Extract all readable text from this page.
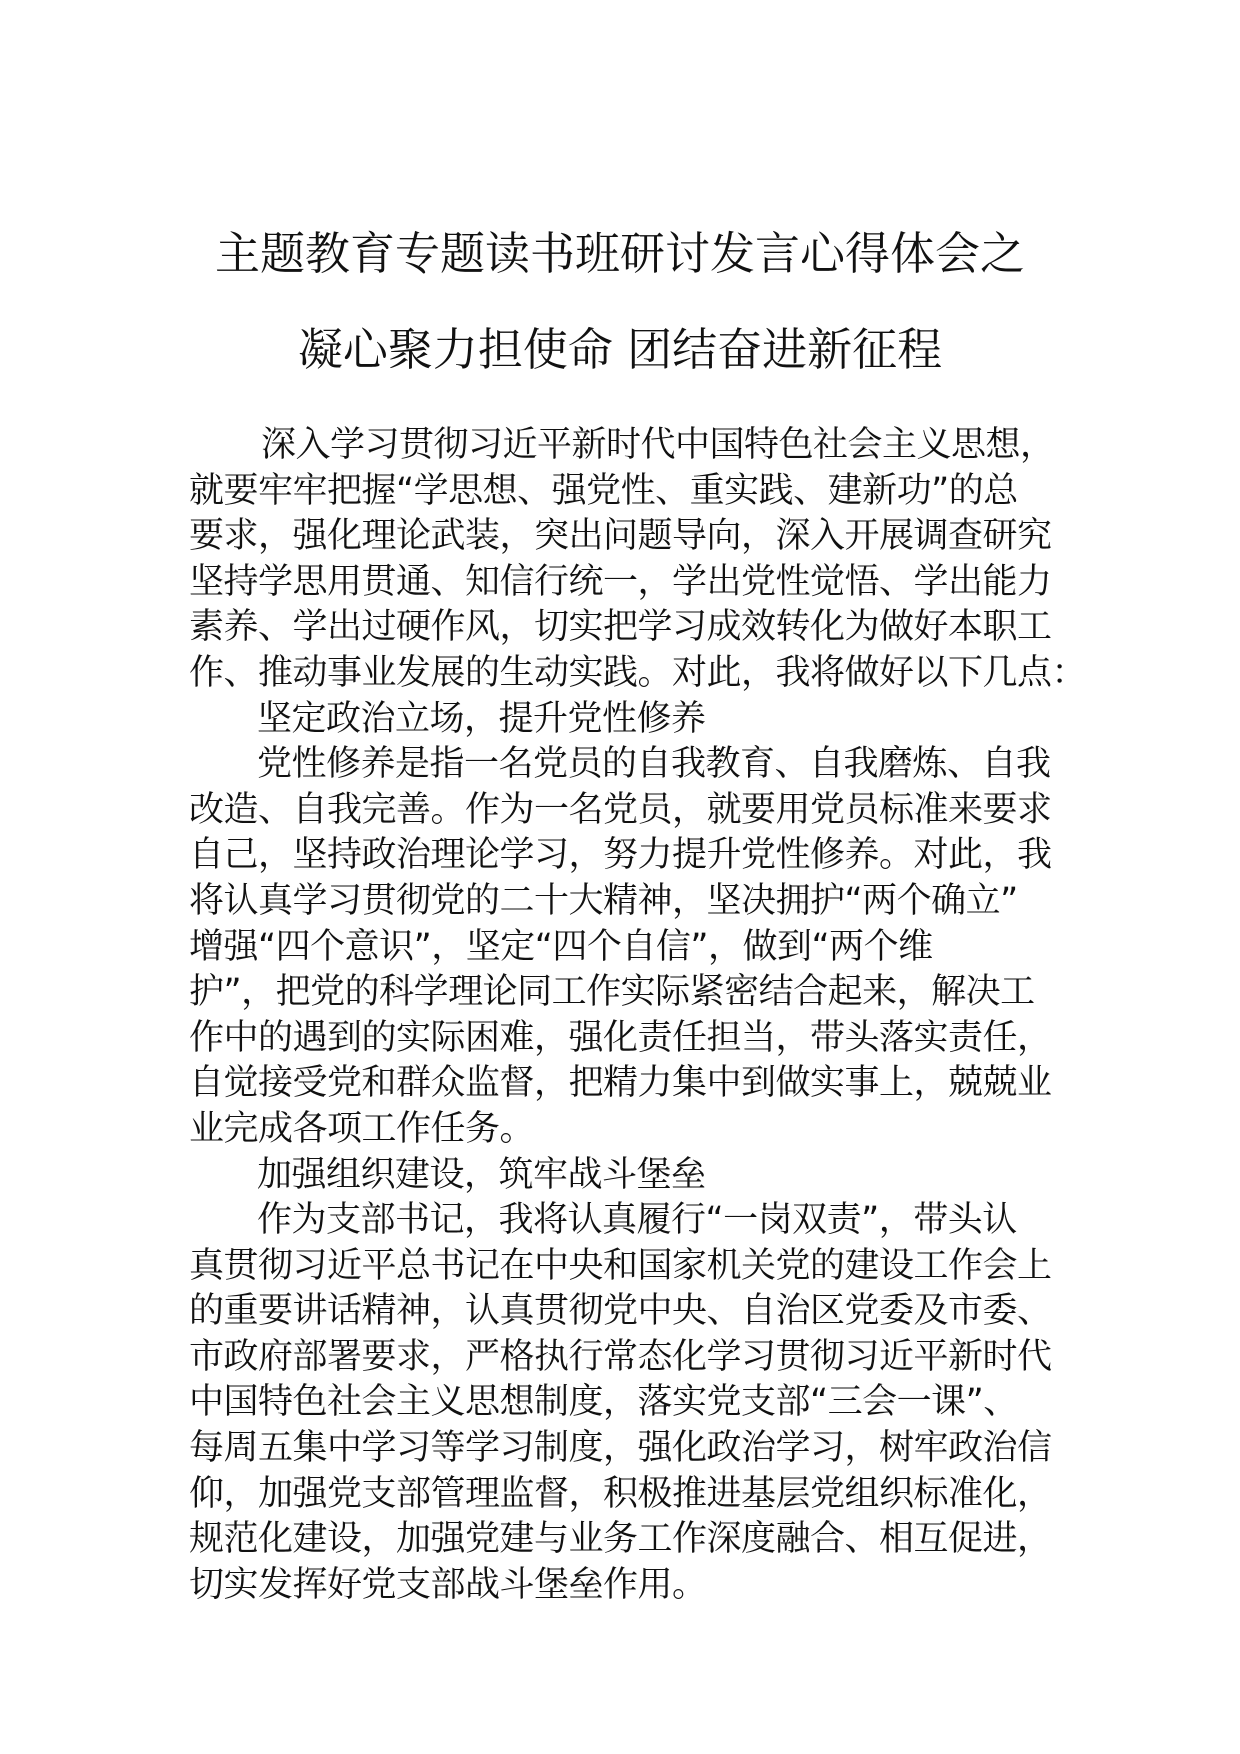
主题教育专题读书班研讨发言心得体会之
凝心聚力担使命 团结奋进新征程
深入学习贯彻习近平新时代中国特色社会主义思想，
就要牢牢把握“学思想、强党性、重实践、建新功”的总
要求，强化理论武装，突出问题导向，深入开展调查研究
坚持学思用贯通、知信行统一，学出党性觉悟、学出能力
素养、学出过硬作风，切实把学习成效转化为做好本职工
作、推动事业发展的生动实践。对此，我将做好以下几点：
坚定政治立场，提升党性修养
党性修养是指一名党员的自我教育、自我磨炼、自我
改造、自我完善。作为一名党员，就要用党员标准来要求
自己，坚持政治理论学习，努力提升党性修养。对此，我
将认真学习贯彻党的二十大精神，坚决拥护“两个确立”
增强“四个意识”，坚定“四个自信”，做到“两个维
护”，把党的科学理论同工作实际紧密结合起来，解决工
作中的遇到的实际困难，强化责任担当，带头落实责任，
自觉接受党和群众监督，把精力集中到做实事上，兢兢业
业完成各项工作任务。
加强组织建设，筑牢战斗堡垒
作为支部书记，我将认真履行“一岗双责”，带头认
真贯彻习近平总书记在中央和国家机关党的建设工作会上
的重要讲话精神，认真贯彻党中央、自治区党委及市委、
市政府部署要求，严格执行常态化学习贯彻习近平新时代
中国特色社会主义思想制度，落实党支部“三会一课”、
每周五集中学习等学习制度，强化政治学习，树牢政治信
仰，加强党支部管理监督，积极推进基层党组织标准化，
规范化建设，加强党建与业务工作深度融合、相互促进，
切实发挥好党支部战斗堡垒作用。
